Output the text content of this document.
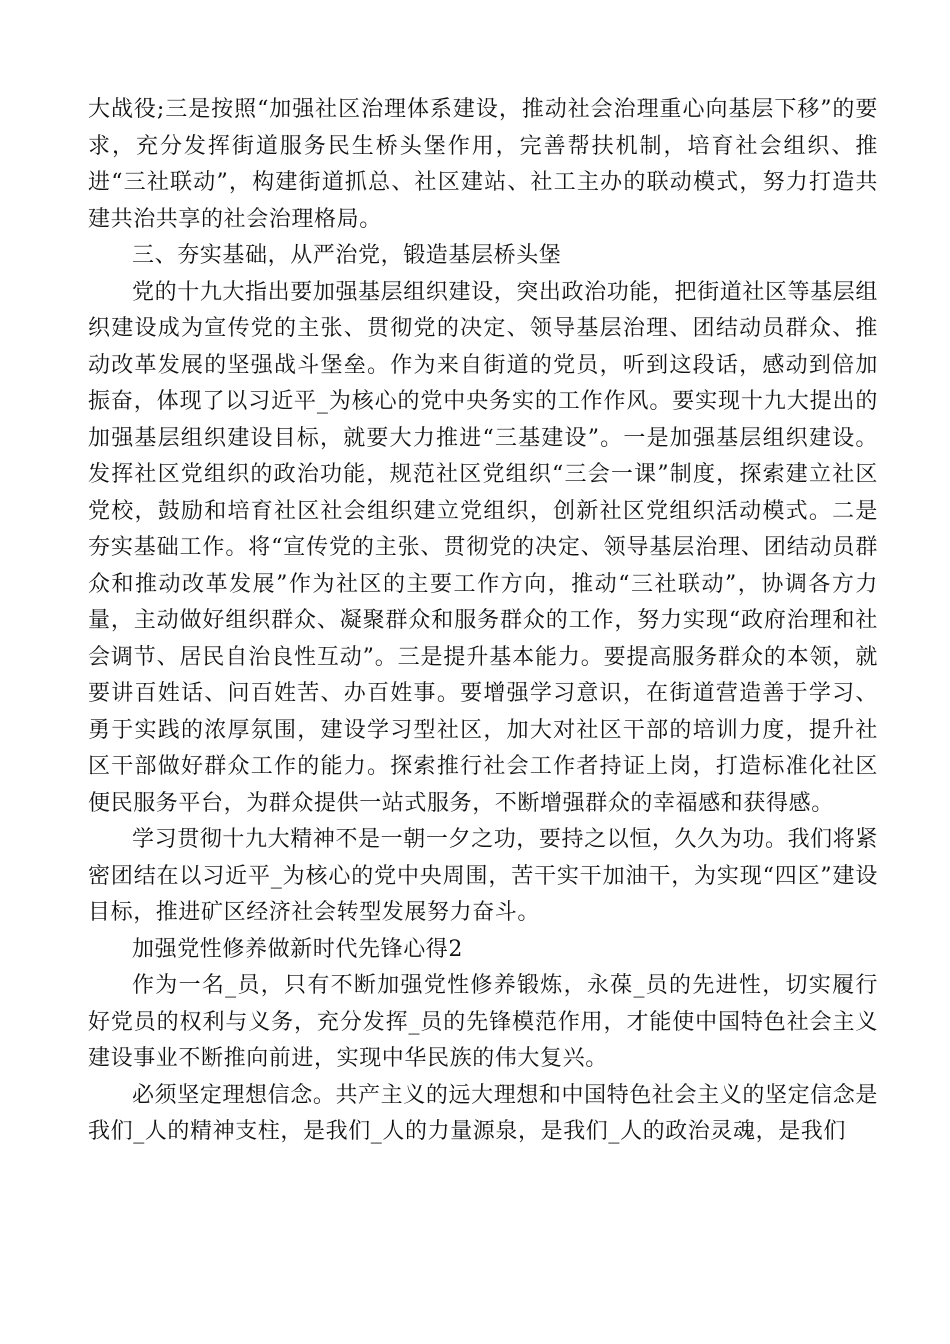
大战役;三是按照“加强社区治理体系建设，推动社会治理重心向基层下移”的要求，充分发挥街道服务民生桥头堡作用，完善帮扶机制，培育社会组织、推进“三社联动”，构建街道抓总、社区建站、社工主办的联动模式，努力打造共建共治共享的社会治理格局。

三、夯实基础，从严治党，锻造基层桥头堡

党的十九大指出要加强基层组织建设，突出政治功能，把街道社区等基层组织建设成为宣传党的主张、贯彻党的决定、领导基层治理、团结动员群众、推动改革发展的坚强战斗堡垒。作为来自街道的党员，听到这段话，感动到倍加振奋，体现了以习近平_为核心的党中央务实的工作作风。要实现十九大提出的加强基层组织建设目标，就要大力推进“三基建设”。一是加强基层组织建设。发挥社区党组织的政治功能，规范社区党组织“三会一课”制度，探索建立社区党校，鼓励和培育社区社会组织建立党组织，创新社区党组织活动模式。二是夯实基础工作。将“宣传党的主张、贯彻党的决定、领导基层治理、团结动员群众和推动改革发展”作为社区的主要工作方向，推动“三社联动”，协调各方力量，主动做好组织群众、凝聚群众和服务群众的工作，努力实现“政府治理和社会调节、居民自治良性互动”。三是提升基本能力。要提高服务群众的本领，就要讲百姓话、问百姓苦、办百姓事。要增强学习意识，在街道营造善于学习、勇于实践的浓厚氛围，建设学习型社区，加大对社区干部的培训力度，提升社区干部做好群众工作的能力。探索推行社会工作者持证上岗，打造标准化社区便民服务平台，为群众提供一站式服务，不断增强群众的幸福感和获得感。

学习贯彻十九大精神不是一朝一夕之功，要持之以恒，久久为功。我们将紧密团结在以习近平_为核心的党中央周围，苦干实干加油干，为实现“四区”建设目标，推进矿区经济社会转型发展努力奋斗。

加强党性修养做新时代先锋心得2

作为一名_员，只有不断加强党性修养锻炼，永葆_员的先进性，切实履行好党员的权利与义务，充分发挥_员的先锋模范作用，才能使中国特色社会主义建设事业不断推向前进，实现中华民族的伟大复兴。

必须坚定理想信念。共产主义的远大理想和中国特色社会主义的坚定信念是我们_人的精神支柱，是我们_人的力量源泉，是我们_人的政治灵魂，是我们
